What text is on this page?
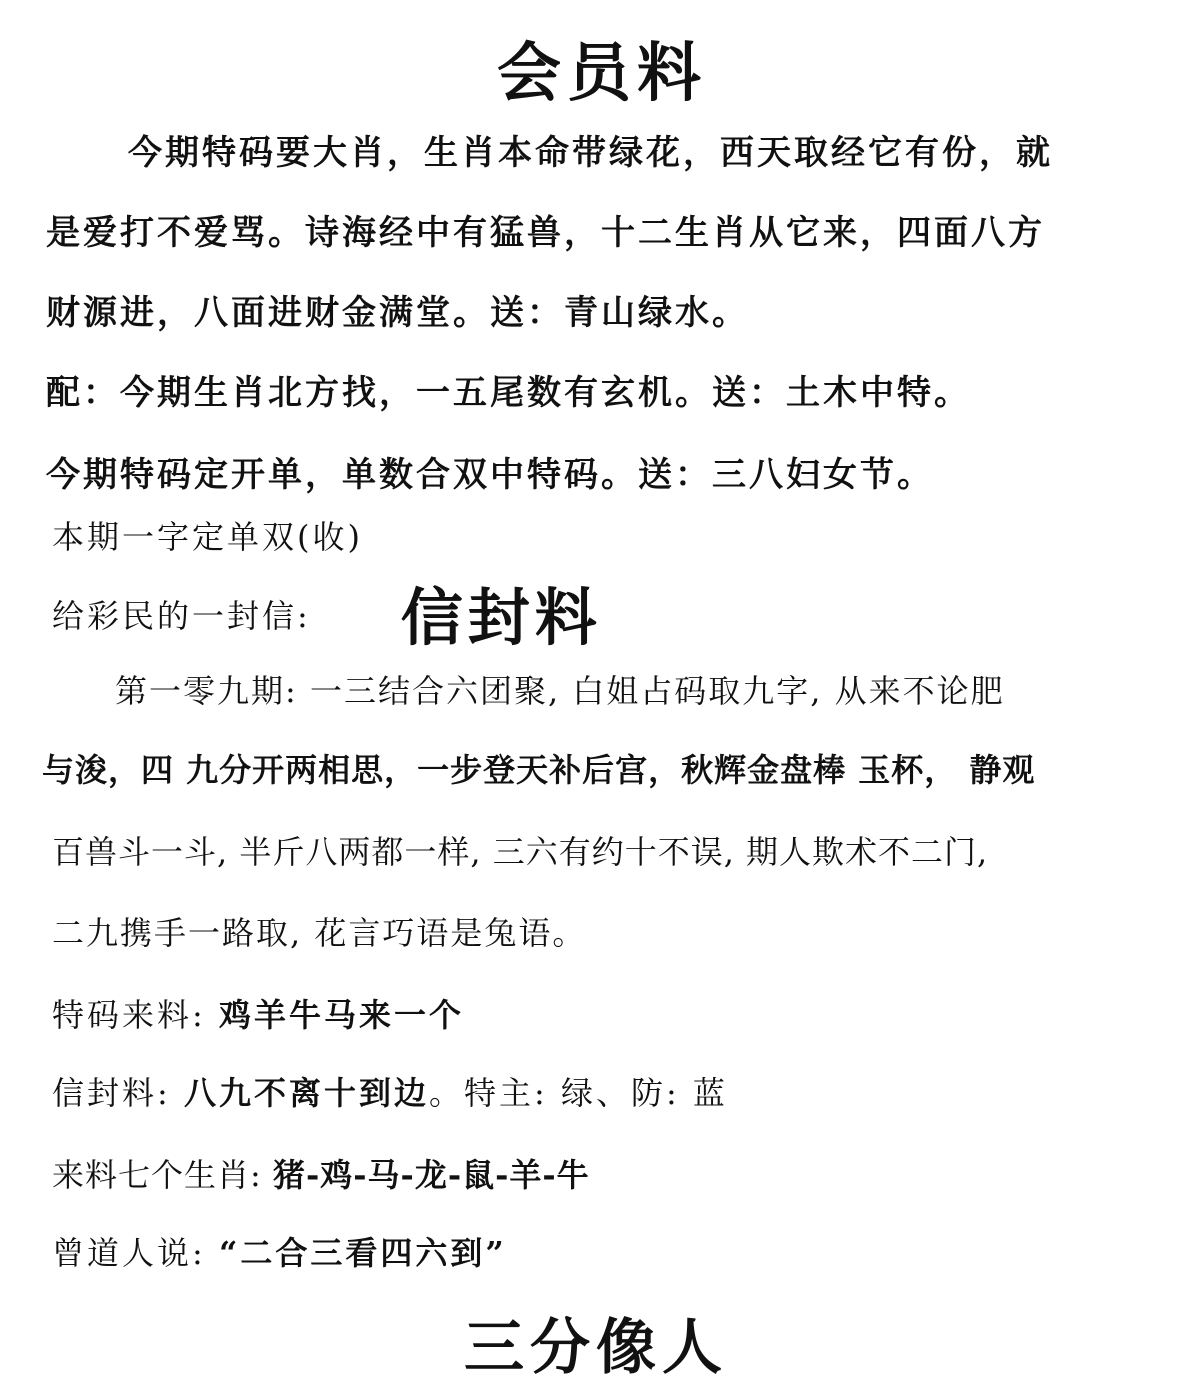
会员料
今期特码要大肖，生肖本命带绿花，西天取经它有份，就
是爱打不爱骂。诗海经中有猛兽，十二生肖从它来，四面八方
财源进，八面进财金满堂。送：青山绿水。
配：今期生肖北方找，一五尾数有玄机。送：土木中特。
今期特码定开单，单数合双中特码。送：三八妇女节。
本期一字定单双(收)
给彩民的一封信: 信封料
第一零九期: 一三结合六团聚, 白姐占码取九字, 从来不论肥
与浚，四 九分开两相思，一步登天补后宫，秋辉金盘棒 玉杯， 静观
百兽斗一斗, 半斤八两都一样, 三六有约十不误, 期人欺术不二门,
二九携手一路取, 花言巧语是兔语。
特码来料: 鸡羊牛马来一个
信封料: 八九不离十到边。特主: 绿、防: 蓝
来料七个生肖: 猪-鸡-马-龙-鼠-羊-牛
曾道人说: “二合三看四六到”
三分像人
